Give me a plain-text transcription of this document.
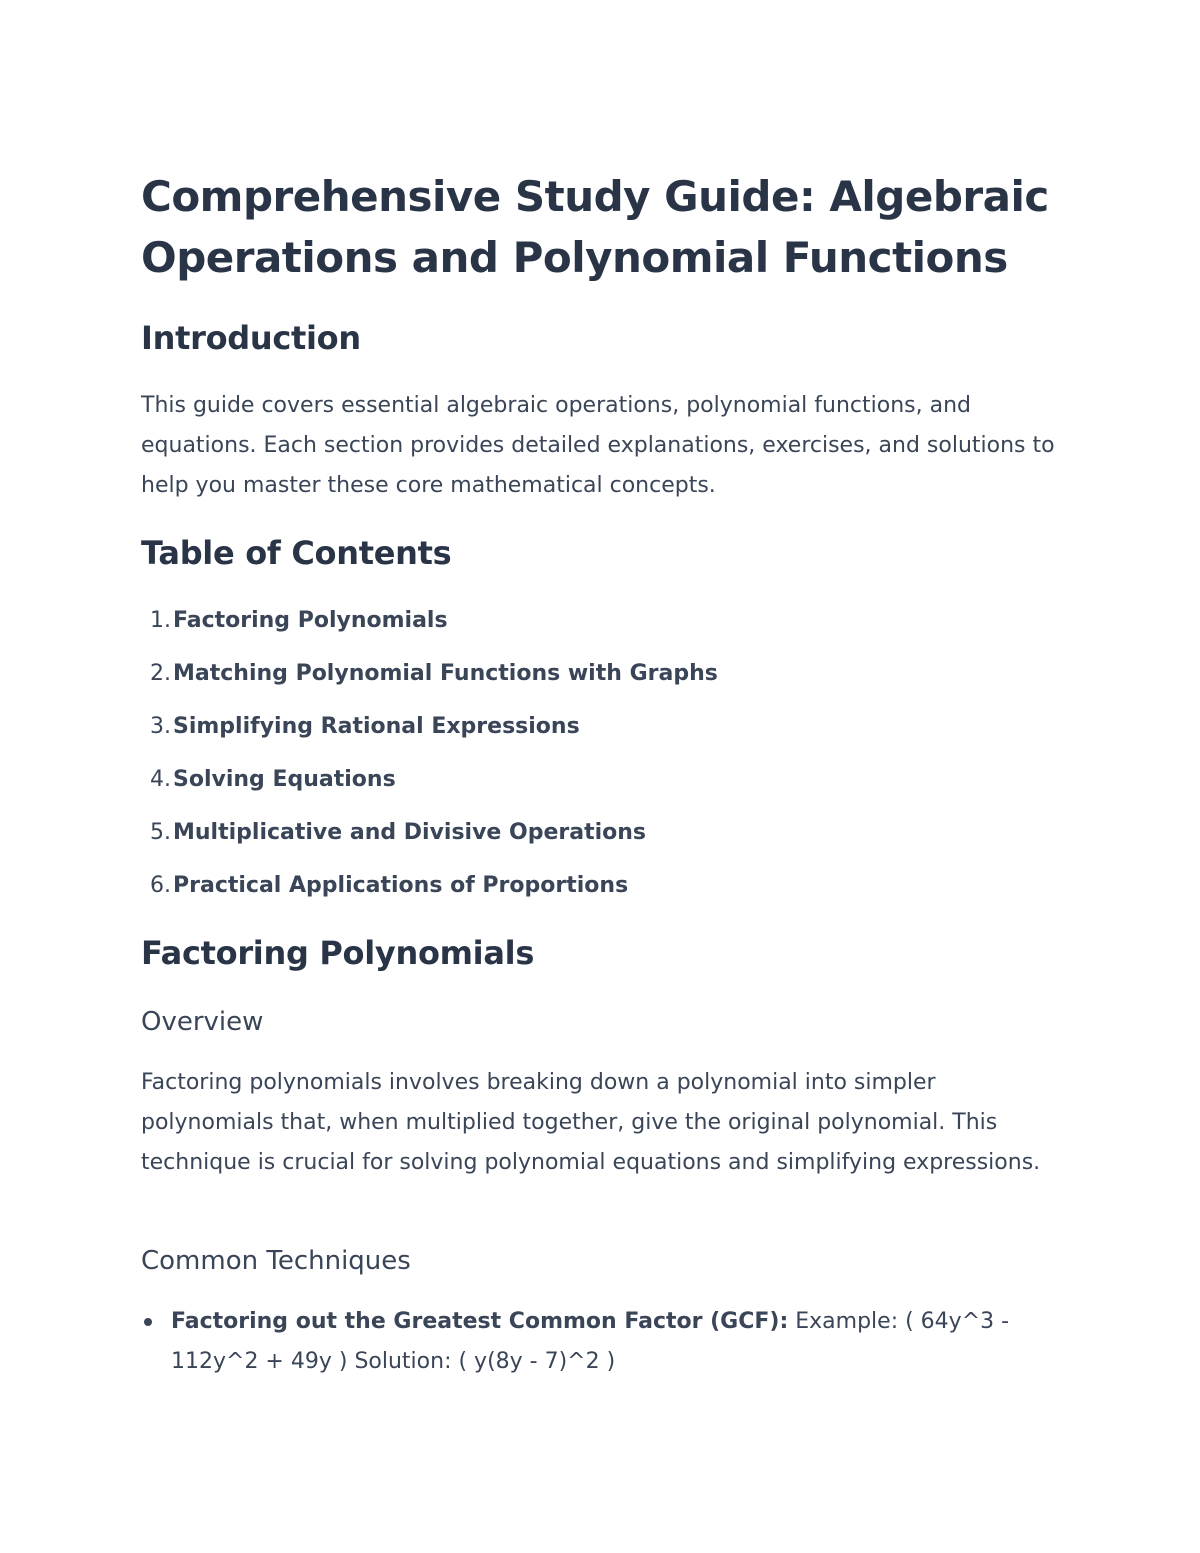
Comprehensive Study Guide: Algebraic Operations and Polynomial Functions
Introduction

This guide covers essential algebraic operations, polynomial functions, and equations. Each section provides detailed explanations, exercises, and solutions to help you master these core mathematical concepts.

Table of Contents
1.Factoring Polynomials
2.Matching Polynomial Functions with Graphs
3.Simplifying Rational Expressions
4.Solving Equations
5.Multiplicative and Divisive Operations
6.Practical Applications of Proportions
Factoring Polynomials
Overview

Factoring polynomials involves breaking down a polynomial into simpler polynomials that, when multiplied together, give the original polynomial. This technique is crucial for solving polynomial equations and simplifying expressions.

Common Techniques
Factoring out the Greatest Common Factor (GCF): Example: ( 64y^3 - 112y^2 + 49y ) Solution: ( y(8y - 7)^2 )
